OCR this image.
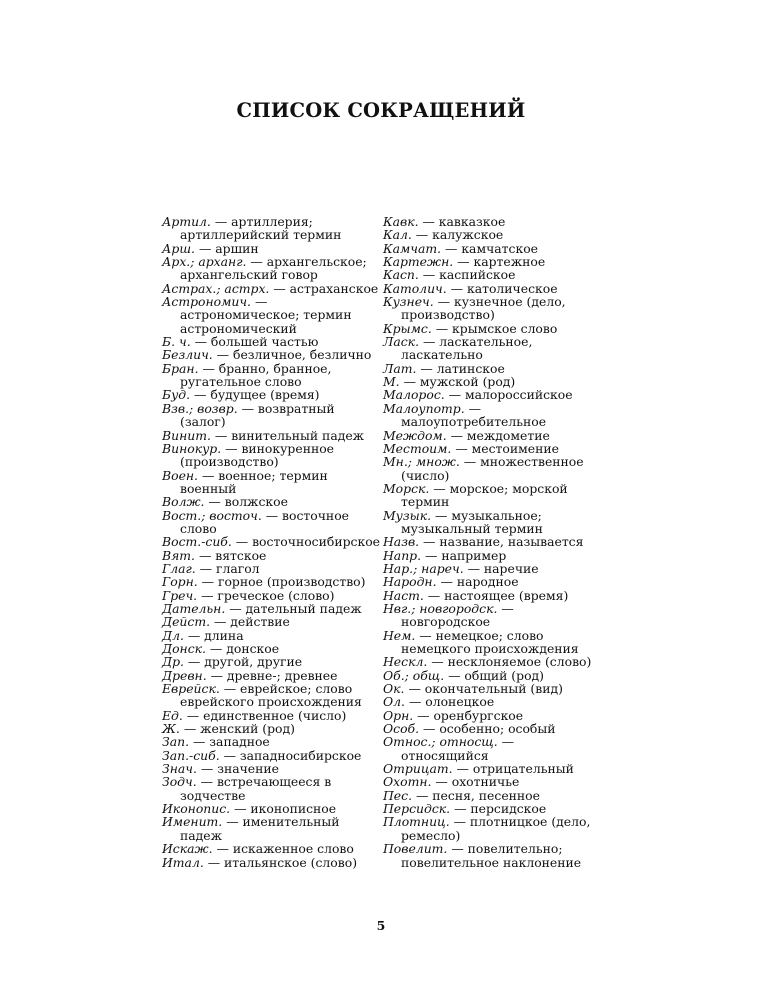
СПИСОК СОКРАЩЕНИЙ

Артил. — артиллерия; артиллерийский термин

Арш. — аршин

Арх.; арханг. — архангельское; архангельский говор

Астрах.; астрх. — астраханское

Астрономич. — астрономическое; термин астрономический

Б. ч. — большей частью

Безлич. — безличное, безлично

Бран. — бранно, бранное, ругательное слово

Буд. — будущее (время)

Взв.; возвр. — возвратный (залог)

Винит. — винительный падеж

Винокур. — винокуренное (производство)

Воен. — военное; термин военный

Волж. — волжское

Вост.; восточ. — восточное слово

Вост.-сиб. — восточносибирское

Вят. — вятское

Глаг. — глагол

Горн. — горное (производство)

Греч. — греческое (слово)

Дательн. — дательный падеж

Дейст. — действие

Дл. — длина

Донск. — донское

Др. — другой, другие

Древн. — древне-; древнее

Еврейск. — еврейское; слово еврейского происхождения

Ед. — единственное (число)

Ж. — женский (род)

Зап. — западное

Зап.-сиб. — западносибирское

Знач. — значение

Зодч. — встречающееся в зодчестве

Иконопис. — иконописное

Именит. — именительный падеж

Искаж. — искаженное слово

Итал. — итальянское (слово)

Кавк. — кавказкое

Кал. — калужское

Камчат. — камчатское

Картежн. — картежное

Касп. — каспийское

Католич. — католическое

Кузнеч. — кузнечное (дело, производство)

Крымс. — крымское слово

Ласк. — ласкательное, ласкательно

Лат. — латинское

М. — мужской (род)

Малорос. — малороссийское

Малоупотр. — малоупотребительное

Междом. — междометие

Местоим. — местоимение

Мн.; множ. — множественное (число)

Морск. — морское; морской термин

Музык. — музыкальное; музыкальный термин

Назв. — название, называется

Напр. — например

Нар.; нареч. — наречие

Народн. — народное

Наст. — настоящее (время)

Нвг.; новгородск. — новгородское

Нем. — немецкое; слово немецкого происхождения

Нескл. — несклоняемое (слово)

Об.; общ. — общий (род)

Ок. — окончательный (вид)

Ол. — олонецкое

Орн. — оренбургское

Особ. — особенно; особый

Относ.; относщ. — относящийся

Отрицат. — отрицательный

Охотн. — охотничье

Пес. — песня, песенное

Персидск. — персидское

Плотниц. — плотницкое (дело, ремесло)

Повелит. — повелительно; повелительное наклонение

5
